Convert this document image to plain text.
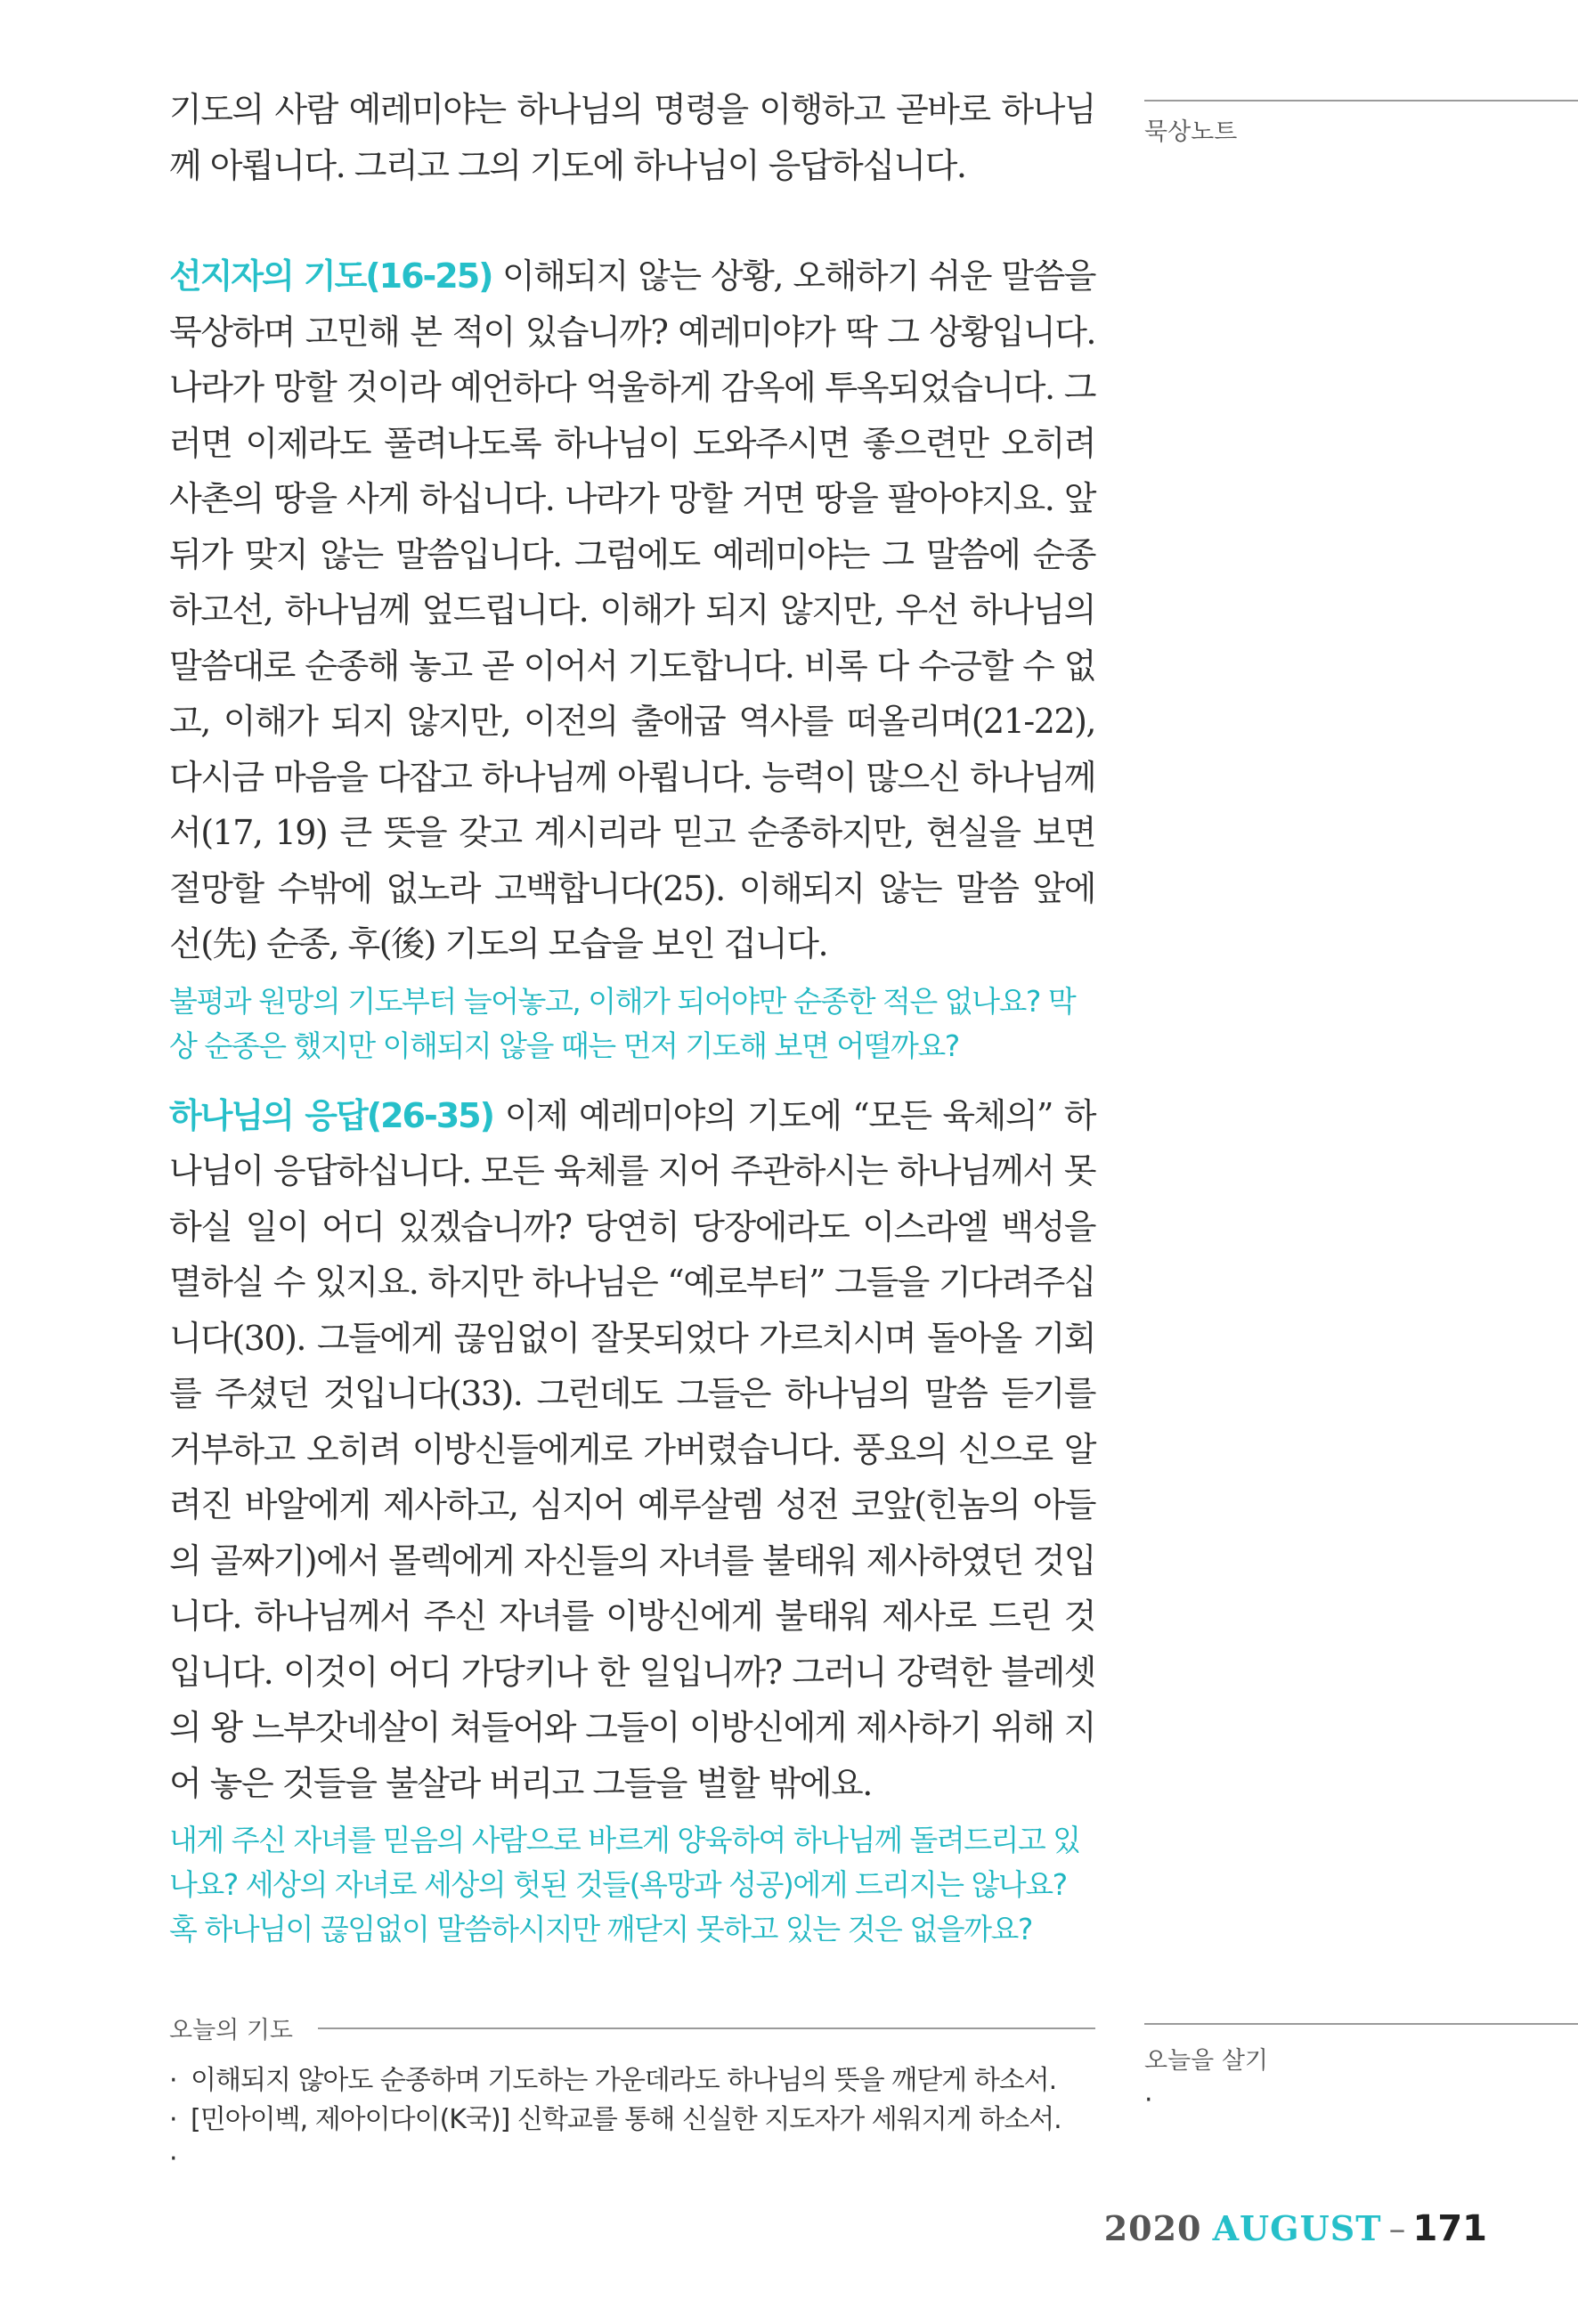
기도의 사람 예레미야는 하나님의 명령을 이행하고 곧바로 하나님께 아룁니다. 그리고 그의 기도에 하나님이 응답하십니다.

선지자의 기도(16-25) 이해되지 않는 상황, 오해하기 쉬운 말씀을 묵상하며 고민해 본 적이 있습니까? 예레미야가 딱 그 상황입니다. 나라가 망할 것이라 예언하다 억울하게 감옥에 투옥되었습니다. 그러면 이제라도 풀려나도록 하나님이 도와주시면 좋으련만 오히려 사촌의 땅을 사게 하십니다. 나라가 망할 거면 땅을 팔아야지요. 앞뒤가 맞지 않는 말씀입니다. 그럼에도 예레미야는 그 말씀에 순종하고선, 하나님께 엎드립니다. 이해가 되지 않지만, 우선 하나님의 말씀대로 순종해 놓고 곧 이어서 기도합니다. 비록 다 수긍할 수 없고, 이해가 되지 않지만, 이전의 출애굽 역사를 떠올리며(21-22), 다시금 마음을 다잡고 하나님께 아룁니다. 능력이 많으신 하나님께서(17, 19) 큰 뜻을 갖고 계시리라 믿고 순종하지만, 현실을 보면 절망할 수밖에 없노라 고백합니다(25). 이해되지 않는 말씀 앞에 선(先) 순종, 후(後) 기도의 모습을 보인 겁니다.

불평과 원망의 기도부터 늘어놓고, 이해가 되어야만 순종한 적은 없나요? 막상 순종은 했지만 이해되지 않을 때는 먼저 기도해 보면 어떨까요?

하나님의 응답(26-35) 이제 예레미야의 기도에 “모든 육체의” 하나님이 응답하십니다. 모든 육체를 지어 주관하시는 하나님께서 못하실 일이 어디 있겠습니까? 당연히 당장에라도 이스라엘 백성을 멸하실 수 있지요. 하지만 하나님은 “예로부터” 그들을 기다려주십니다(30). 그들에게 끊임없이 잘못되었다 가르치시며 돌아올 기회를 주셨던 것입니다(33). 그런데도 그들은 하나님의 말씀 듣기를 거부하고 오히려 이방신들에게로 가버렸습니다. 풍요의 신으로 알려진 바알에게 제사하고, 심지어 예루살렘 성전 코앞(힌놈의 아들의 골짜기)에서 몰렉에게 자신들의 자녀를 불태워 제사하였던 것입니다. 하나님께서 주신 자녀를 이방신에게 불태워 제사로 드린 것입니다. 이것이 어디 가당키나 한 일입니까? 그러니 강력한 블레셋의 왕 느부갓네살이 쳐들어와 그들이 이방신에게 제사하기 위해 지어 놓은 것들을 불살라 버리고 그들을 벌할 밖에요.

내게 주신 자녀를 믿음의 사람으로 바르게 양육하여 하나님께 돌려드리고 있나요? 세상의 자녀로 세상의 헛된 것들(욕망과 성공)에게 드리지는 않나요? 혹 하나님이 끊임없이 말씀하시지만 깨닫지 못하고 있는 것은 없을까요?

묵상노트

오늘의 기도
· 이해되지 않아도 순종하며 기도하는 가운데라도 하나님의 뜻을 깨닫게 하소서.
· [민아이벡, 제아이다이(K국)] 신학교를 통해 신실한 지도자가 세워지게 하소서.
·

오늘을 살기

·

2020 AUGUST – 171
